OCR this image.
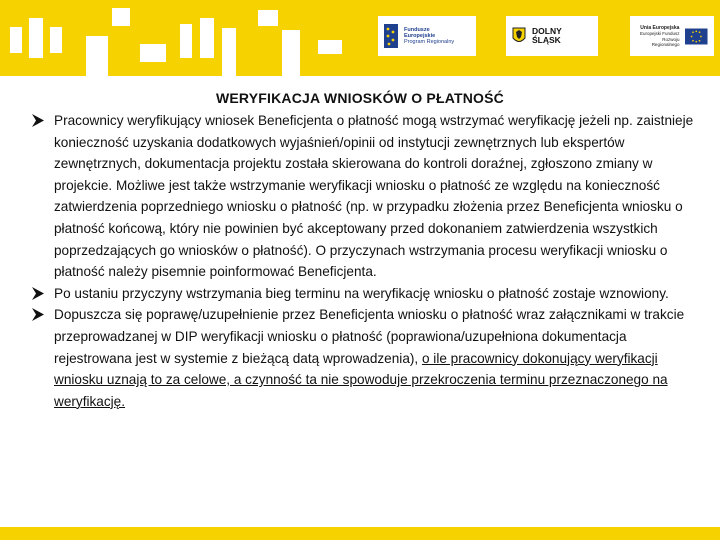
Fundusze
Europejskie
Program Regionalny
DOLNY
ŚLĄSK
Unia Europejska
Europejski Fundusz
Rozwoju Regionalnego
WERYFIKACJA WNIOSKÓW O PŁATNOŚĆ

Pracownicy weryfikujący wniosek Beneficjenta o płatność mogą wstrzymać weryfikację jeżeli np. zaistnieje konieczność uzyskania dodatkowych wyjaśnień/opinii od instytucji zewnętrznych lub ekspertów zewnętrznych, dokumentacja projektu została skierowana do kontroli doraźnej, zgłoszono zmiany w projekcie. Możliwe jest także wstrzymanie weryfikacji wniosku o płatność ze względu na konieczność zatwierdzenia poprzedniego wniosku o płatność (np. w przypadku złożenia przez Beneficjenta wniosku o płatność końcową, który nie powinien być akceptowany przed dokonaniem zatwierdzenia wszystkich poprzedzających go wniosków o płatność). O przyczynach wstrzymania procesu weryfikacji wniosku o płatność należy pisemnie poinformować Beneficjenta.

Po ustaniu przyczyny wstrzymania bieg terminu na weryfikację wniosku o płatność zostaje wznowiony.

Dopuszcza się poprawę/uzupełnienie przez Beneficjenta wniosku o płatność wraz załącznikami w trakcie przeprowadzanej w DIP weryfikacji wniosku o płatność (poprawiona/uzupełniona dokumentacja rejestrowana jest w systemie z bieżącą datą wprowadzenia), o ile pracownicy dokonujący weryfikacji wniosku uznają to za celowe, a czynność ta nie spowoduje przekroczenia terminu przeznaczonego na weryfikację.
